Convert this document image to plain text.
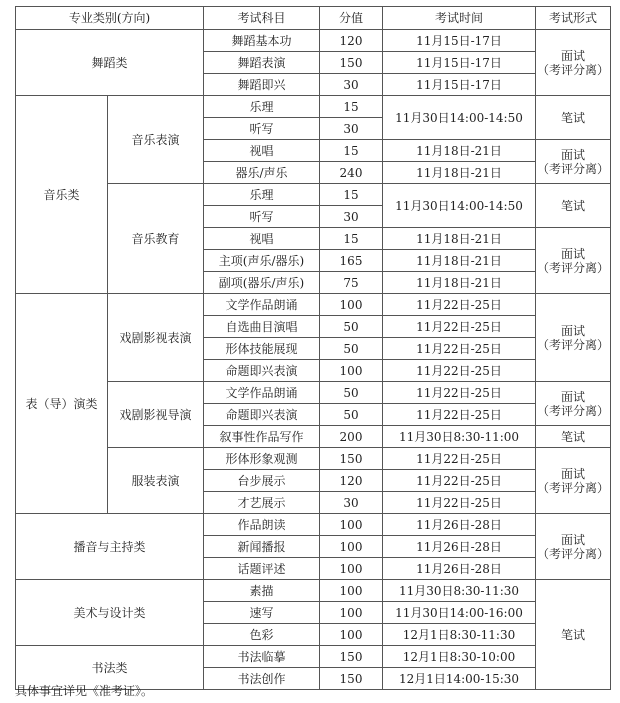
专业类别(方向)		考试科目	分值	考试时间	考试形式
舞蹈类		舞蹈基本功	120	11月15日-17日	面试
（考评分离）
		舞蹈表演	150	11月15日-17日	
		舞蹈即兴	30	11月15日-17日	
音乐类	音乐表演	乐理	15	11月30日14:00-14:50	笔试
		听写	30		
		视唱	15	11月18日-21日	面试
（考评分离）
		器乐/声乐	240	11月18日-21日	
	音乐教育	乐理	15	11月30日14:00-14:50	笔试
		听写	30		
		视唱	15	11月18日-21日	面试
（考评分离）
		主项(声乐/器乐)	165	11月18日-21日	
		副项(器乐/声乐)	75	11月18日-21日	
表（导）演类	戏剧影视表演	文学作品朗诵	100	11月22日-25日	面试
（考评分离）
		自选曲目演唱	50	11月22日-25日	
		形体技能展现	50	11月22日-25日	
		命题即兴表演	100	11月22日-25日	
	戏剧影视导演	文学作品朗诵	50	11月22日-25日	面试
（考评分离）
		命题即兴表演	50	11月22日-25日	
		叙事性作品写作	200	11月30日8:30-11:00	笔试
	服装表演	形体形象观测	150	11月22日-25日	面试
（考评分离）
		台步展示	120	11月22日-25日	
		才艺展示	30	11月22日-25日	
播音与主持类		作品朗读	100	11月26日-28日	面试
（考评分离）
		新闻播报	100	11月26日-28日	
		话题评述	100	11月26日-28日	
美术与设计类		素描	100	11月30日8:30-11:30	笔试
		速写	100	11月30日14:00-16:00	
		色彩	100	12月1日8:30-11:30	
书法类		书法临摹	150	12月1日8:30-10:00	
		书法创作	150	12月1日14:00-15:30	
具体事宜详见《准考证》。
